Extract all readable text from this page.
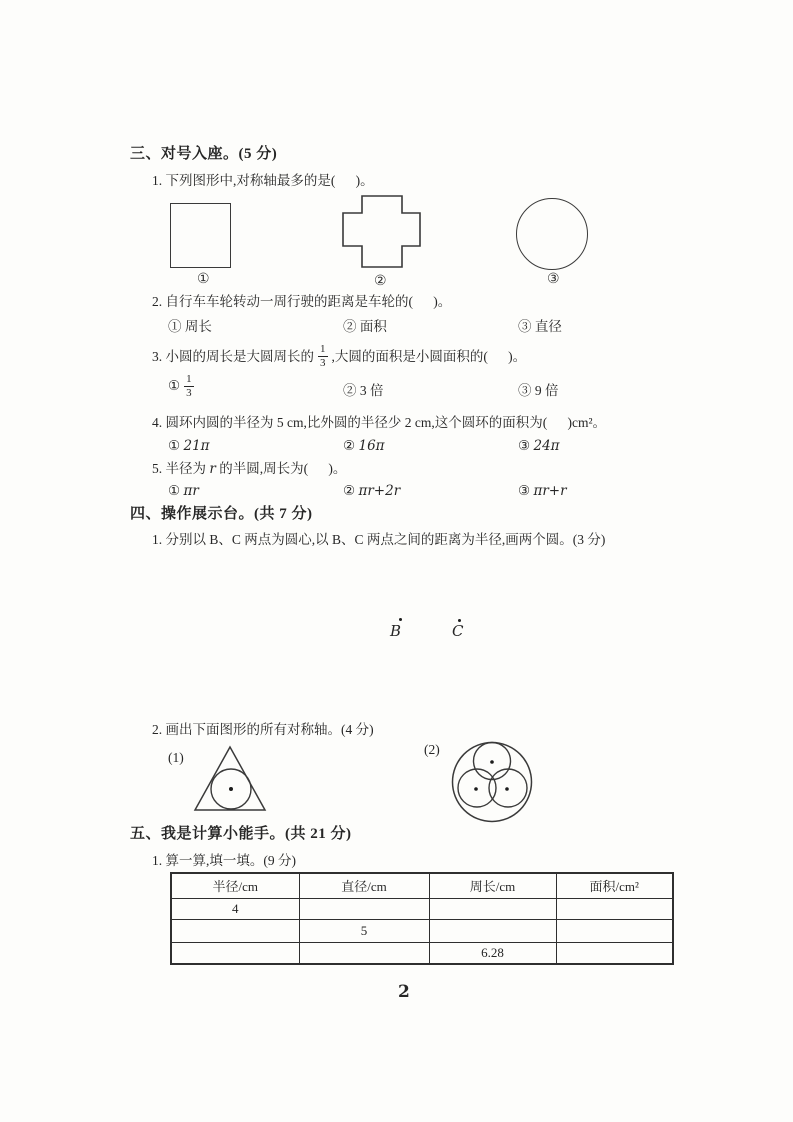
三、对号入座。(5 分)
1. 下列图形中,对称轴最多的是(      )。
①	②	③
2. 自行车车轮转动一周行驶的距离是车轮的(      )。
① 周长	② 面积	③ 直径
3. 小圆的周长是大圆周长的 $\frac{1}{3}$ ,大圆的面积是小圆面积的(      )。
① $\frac{1}{3}$	② 3 倍	③ 9 倍
4. 圆环内圆的半径为 5 cm,比外圆的半径少 2 cm,这个圆环的面积为(      )cm²。
① 21π	② 16π	③ 24π
5. 半径为 r 的半圆,周长为(      )。
① πr	② πr+2r	③ πr+r
四、操作展示台。(共 7 分)
1. 分别以 B、C 两点为圆心,以 B、C 两点之间的距离为半径,画两个圆。(3 分)
B	C
2. 画出下面图形的所有对称轴。(4 分)
(1)
(2)
五、我是计算小能手。(共 21 分)
1. 算一算,填一填。(9 分)
半径/cm	直径/cm	周长/cm	面积/cm²
4			
	5		
		6.28	
2
